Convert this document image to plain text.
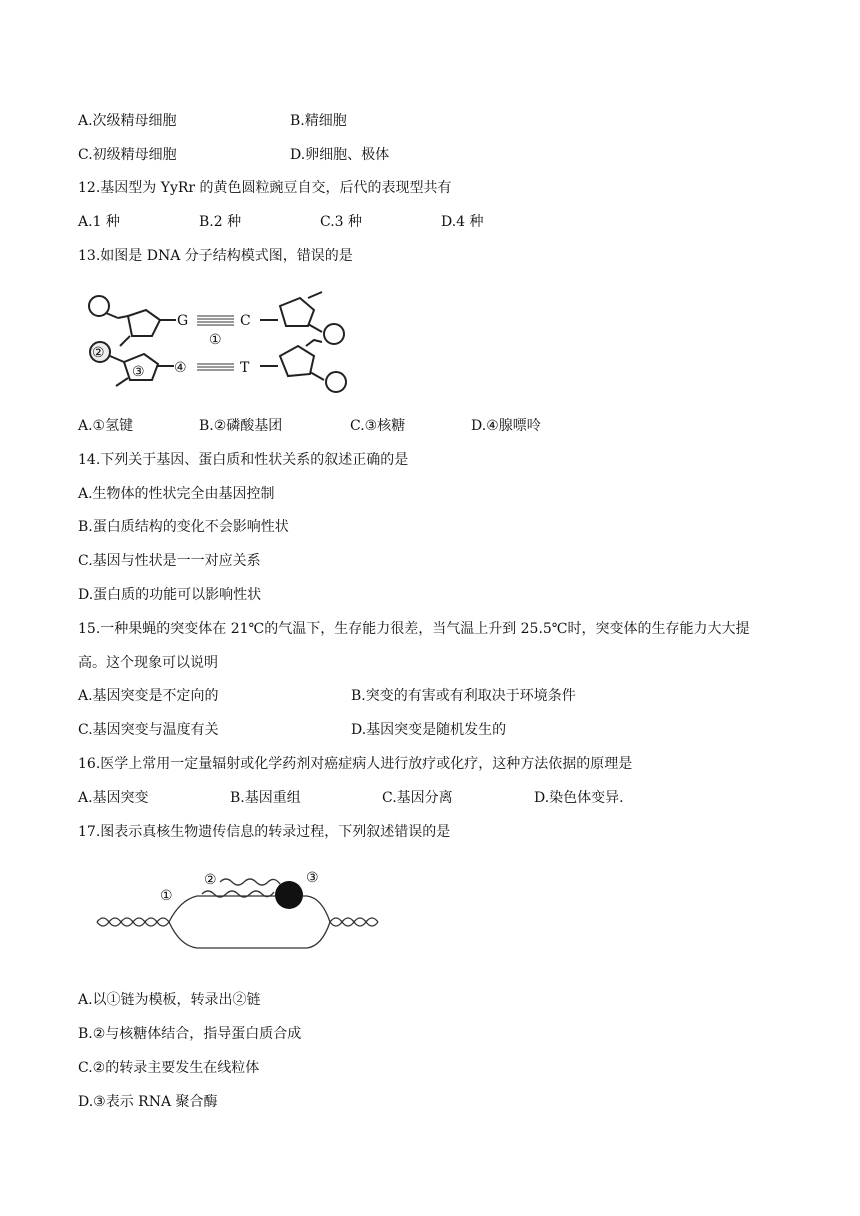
A.次级精母细胞	B.精细胞
C.初级精母细胞	D.卵细胞、极体
12.基因型为 YyRr 的黄色圆粒豌豆自交，后代的表现型共有
A.1 种	B.2 种	C.3 种	D.4 种
13.如图是 DNA 分子结构模式图，错误的是
G	C
T
①
②
③ ④
A.①氢键	B.②磷酸基团	C.③核糖	D.④腺嘌呤
14.下列关于基因、蛋白质和性状关系的叙述正确的是
A.生物体的性状完全由基因控制
B.蛋白质结构的变化不会影响性状
C.基因与性状是一一对应关系
D.蛋白质的功能可以影响性状
15.一种果蝇的突变体在 21℃的气温下，生存能力很差，当气温上升到 25.5℃时，突变体的生存能力大大提
高。这个现象可以说明
A.基因突变是不定向的	B.突变的有害或有利取决于环境条件
C.基因突变与温度有关	D.基因突变是随机发生的
16.医学上常用一定量辐射或化学药剂对癌症病人进行放疗或化疗，这种方法依据的原理是
A.基因突变	B.基因重组	C.基因分离	D.染色体变异.
17.图表示真核生物遗传信息的转录过程，下列叙述错误的是
①
②	③
A.以①链为模板，转录出②链
B.②与核糖体结合，指导蛋白质合成
C.②的转录主要发生在线粒体
D.③表示 RNA 聚合酶
